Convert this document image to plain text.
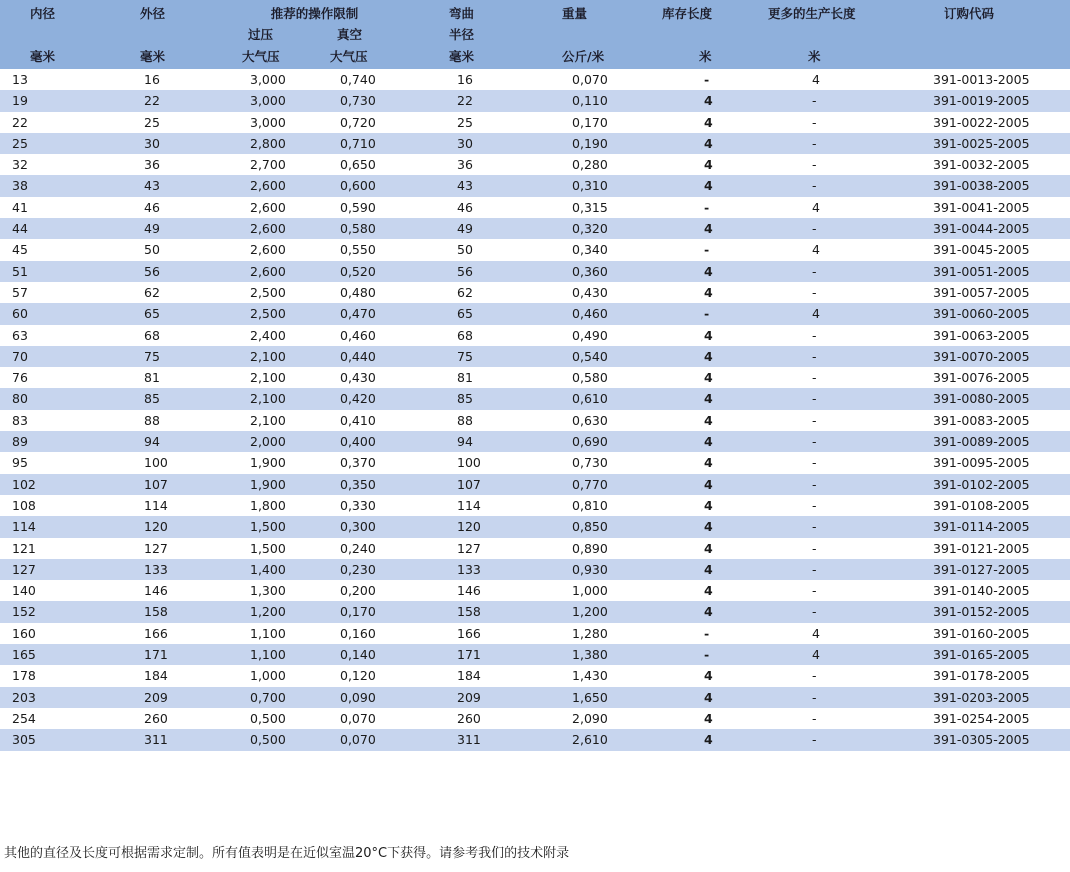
内径	外径	推荐的操作限制		弯曲	重量	库存长度	更多的生产长度	订购代码
		过压	真空	半径				
毫米	毫米	大气压	大气压	毫米	公斤/米	米	米	
13	16	3,000	0,740	16	0,070	-	4	391-0013-2005
19	22	3,000	0,730	22	0,110	4	-	391-0019-2005
22	25	3,000	0,720	25	0,170	4	-	391-0022-2005
25	30	2,800	0,710	30	0,190	4	-	391-0025-2005
32	36	2,700	0,650	36	0,280	4	-	391-0032-2005
38	43	2,600	0,600	43	0,310	4	-	391-0038-2005
41	46	2,600	0,590	46	0,315	-	4	391-0041-2005
44	49	2,600	0,580	49	0,320	4	-	391-0044-2005
45	50	2,600	0,550	50	0,340	-	4	391-0045-2005
51	56	2,600	0,520	56	0,360	4	-	391-0051-2005
57	62	2,500	0,480	62	0,430	4	-	391-0057-2005
60	65	2,500	0,470	65	0,460	-	4	391-0060-2005
63	68	2,400	0,460	68	0,490	4	-	391-0063-2005
70	75	2,100	0,440	75	0,540	4	-	391-0070-2005
76	81	2,100	0,430	81	0,580	4	-	391-0076-2005
80	85	2,100	0,420	85	0,610	4	-	391-0080-2005
83	88	2,100	0,410	88	0,630	4	-	391-0083-2005
89	94	2,000	0,400	94	0,690	4	-	391-0089-2005
95	100	1,900	0,370	100	0,730	4	-	391-0095-2005
102	107	1,900	0,350	107	0,770	4	-	391-0102-2005
108	114	1,800	0,330	114	0,810	4	-	391-0108-2005
114	120	1,500	0,300	120	0,850	4	-	391-0114-2005
121	127	1,500	0,240	127	0,890	4	-	391-0121-2005
127	133	1,400	0,230	133	0,930	4	-	391-0127-2005
140	146	1,300	0,200	146	1,000	4	-	391-0140-2005
152	158	1,200	0,170	158	1,200	4	-	391-0152-2005
160	166	1,100	0,160	166	1,280	-	4	391-0160-2005
165	171	1,100	0,140	171	1,380	-	4	391-0165-2005
178	184	1,000	0,120	184	1,430	4	-	391-0178-2005
203	209	0,700	0,090	209	1,650	4	-	391-0203-2005
254	260	0,500	0,070	260	2,090	4	-	391-0254-2005
305	311	0,500	0,070	311	2,610	4	-	391-0305-2005
其他的直径及长度可根据需求定制。所有值表明是在近似室温20°C下获得。请参考我们的技术附录
